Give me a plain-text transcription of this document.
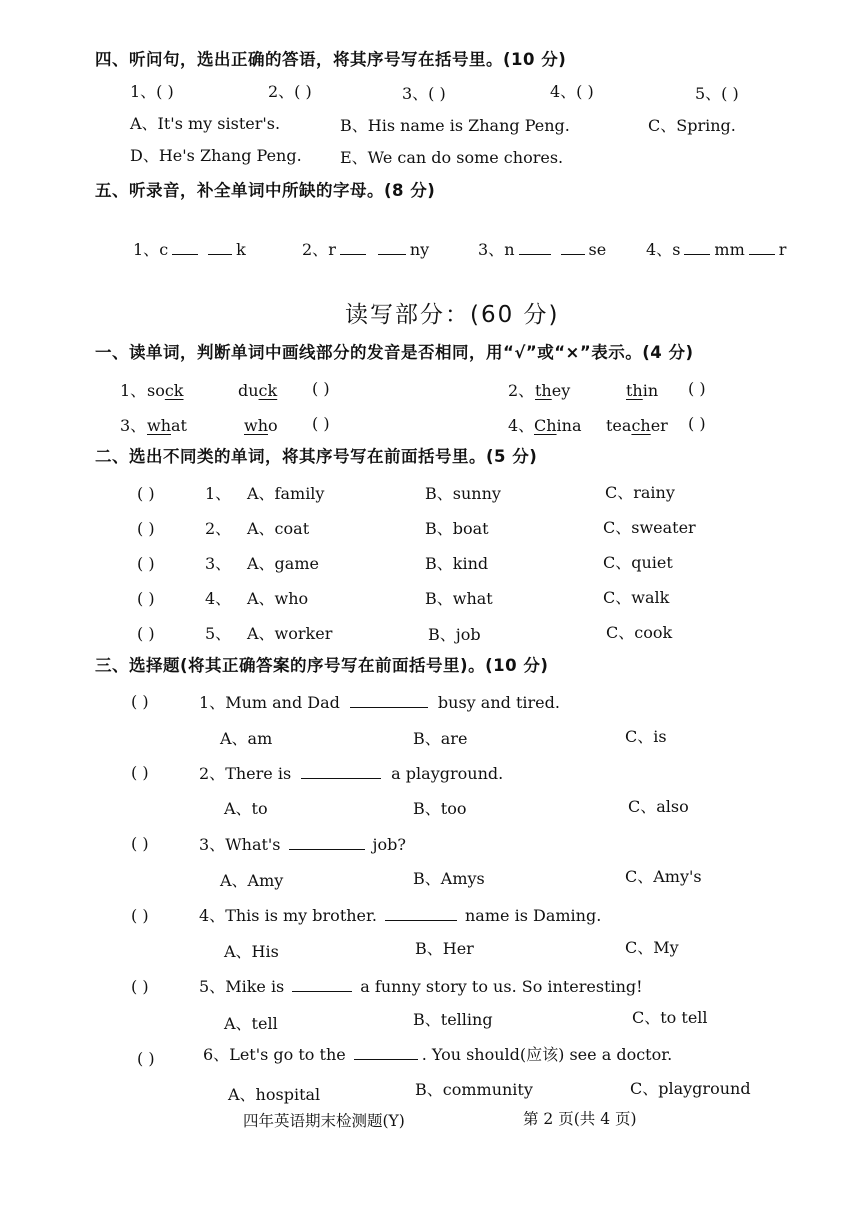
四、听问句，选出正确的答语，将其序号写在括号里。(10 分)
1、( )	2、( )	3、( )	4、( )	5、( )
A、It's my sister's.	B、His name is Zhang Peng.	C、Spring.
D、He's Zhang Peng. E、We can do some chores.
五、听录音，补全单词中所缺的字母。(8 分)
1、c	k	2、r	ny	3、n	se 4、s mm r
读写部分：(60 分)
一、读单词，判断单词中画线部分的发音是否相同，用“√”或“×”表示。(4 分)
1、 sock	duck ( )	2、 they	thin ( )
3、 what	who ( )	4、 China teacher ( )
二、选出不同类的单词，将其序号写在前面括号里。(5 分)
( )	1、 A、family	B、sunny	C、rainy
( )	2、 A、coat	B、boat	C、sweater
( )	3、 A、game	B、kind	C、quiet
( )	4、 A、who	B、what	C、walk
( )	5、 A、worker	B、job	C、cook
三、选择题(将其正确答案的序号写在前面括号里)。(10 分)
( )	1、Mum and Dad	busy and tired.
A、am	B、are	C、is
( )	2、There is	a playground.
A、to	B、too	C、also
( )	3、What's	job?
A、Amy	B、Amys	C、Amy's
( )	4、This is my brother.	name is Daming.
A、His	B、Her	C、My
( )	5、Mike is	a funny story to us. So interesting!
A、tell	B、telling	C、to tell
( )	6、Let's go to the	. You should(应该) see a doctor.
A、hospital	B、community	C、playground
四年英语期末检测题(Y)	第 2 页(共 4 页)
